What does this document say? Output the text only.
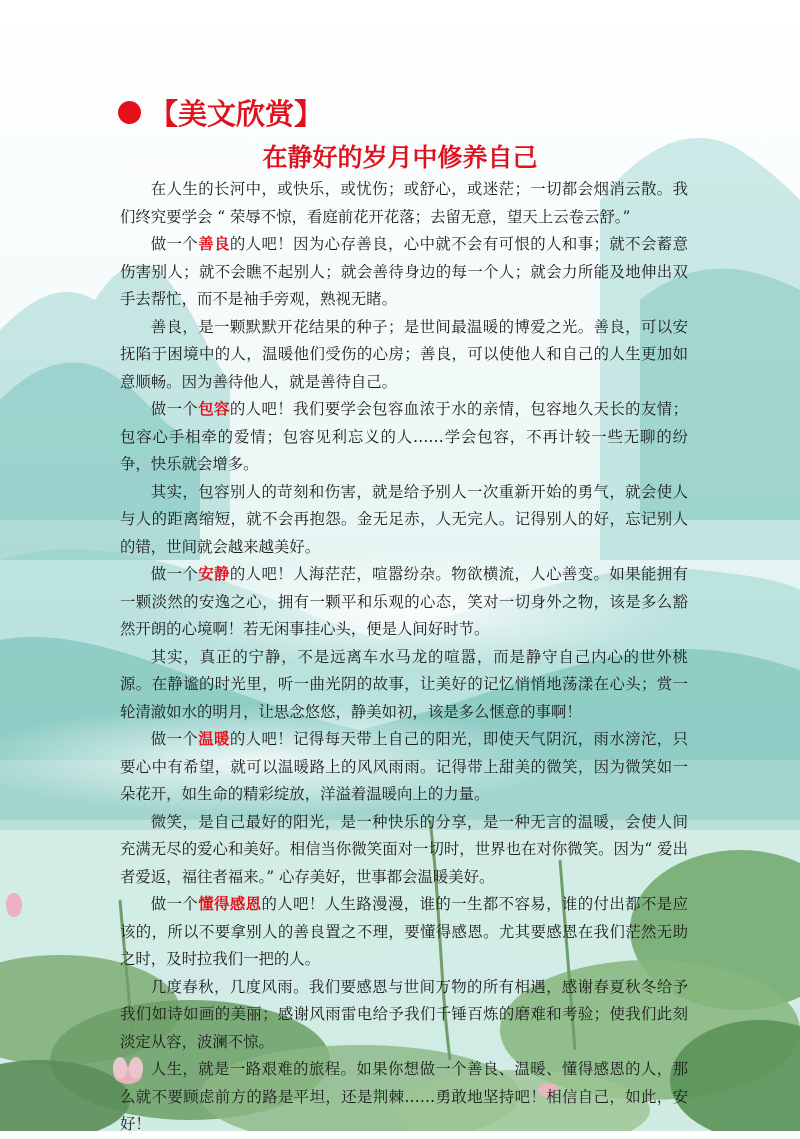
【美文欣赏】
在静好的岁月中修养自己

在人生的长河中，或快乐，或忧伤；或舒心，或迷茫；一切都会烟消云散。我们终究要学会 “ 荣辱不惊，看庭前花开花落；去留无意，望天上云卷云舒。”

做一个善良的人吧！因为心存善良，心中就不会有可恨的人和事；就不会蓄意伤害别人；就不会瞧不起别人；就会善待身边的每一个人；就会力所能及地伸出双手去帮忙，而不是袖手旁观，熟视无睹。

善良，是一颗默默开花结果的种子；是世间最温暖的博爱之光。善良，可以安抚陷于困境中的人，温暖他们受伤的心房；善良，可以使他人和自己的人生更加如意顺畅。因为善待他人，就是善待自己。

做一个包容的人吧！我们要学会包容血浓于水的亲情，包容地久天长的友情；包容心手相牵的爱情；包容见利忘义的人……学会包容，不再计较一些无聊的纷争，快乐就会增多。

其实，包容别人的苛刻和伤害，就是给予别人一次重新开始的勇气，就会使人与人的距离缩短，就不会再抱怨。金无足赤，人无完人。记得别人的好，忘记别人的错，世间就会越来越美好。

做一个安静的人吧！人海茫茫，喧嚣纷杂。物欲横流，人心善变。如果能拥有一颗淡然的安逸之心，拥有一颗平和乐观的心态，笑对一切身外之物，该是多么豁然开朗的心境啊！若无闲事挂心头，便是人间好时节。

其实，真正的宁静，不是远离车水马龙的喧嚣，而是静守自己内心的世外桃源。在静谧的时光里，听一曲光阴的故事，让美好的记忆悄悄地荡漾在心头；赏一轮清澈如水的明月，让思念悠悠，静美如初，该是多么惬意的事啊！

做一个温暖的人吧！记得每天带上自己的阳光，即使天气阴沉，雨水滂沱，只要心中有希望，就可以温暖路上的风风雨雨。记得带上甜美的微笑，因为微笑如一朵花开，如生命的精彩绽放，洋溢着温暖向上的力量。

微笑，是自己最好的阳光，是一种快乐的分享，是一种无言的温暖，会使人间充满无尽的爱心和美好。相信当你微笑面对一切时，世界也在对你微笑。因为“ 爱出者爱返，福往者福来。” 心存美好，世事都会温暖美好。

做一个懂得感恩的人吧！人生路漫漫，谁的一生都不容易，谁的付出都不是应该的，所以不要拿别人的善良置之不理，要懂得感恩。尤其要感恩在我们茫然无助之时，及时拉我们一把的人。

几度春秋，几度风雨。我们要感恩与世间万物的所有相遇，感谢春夏秋冬给予我们如诗如画的美丽；感谢风雨雷电给予我们千锤百炼的磨难和考验；使我们此刻淡定从容，波澜不惊。

人生，就是一路艰难的旅程。如果你想做一个善良、温暖、懂得感恩的人，那么就不要顾虑前方的路是平坦，还是荆棘……勇敢地坚持吧！相信自己，如此，安好！
